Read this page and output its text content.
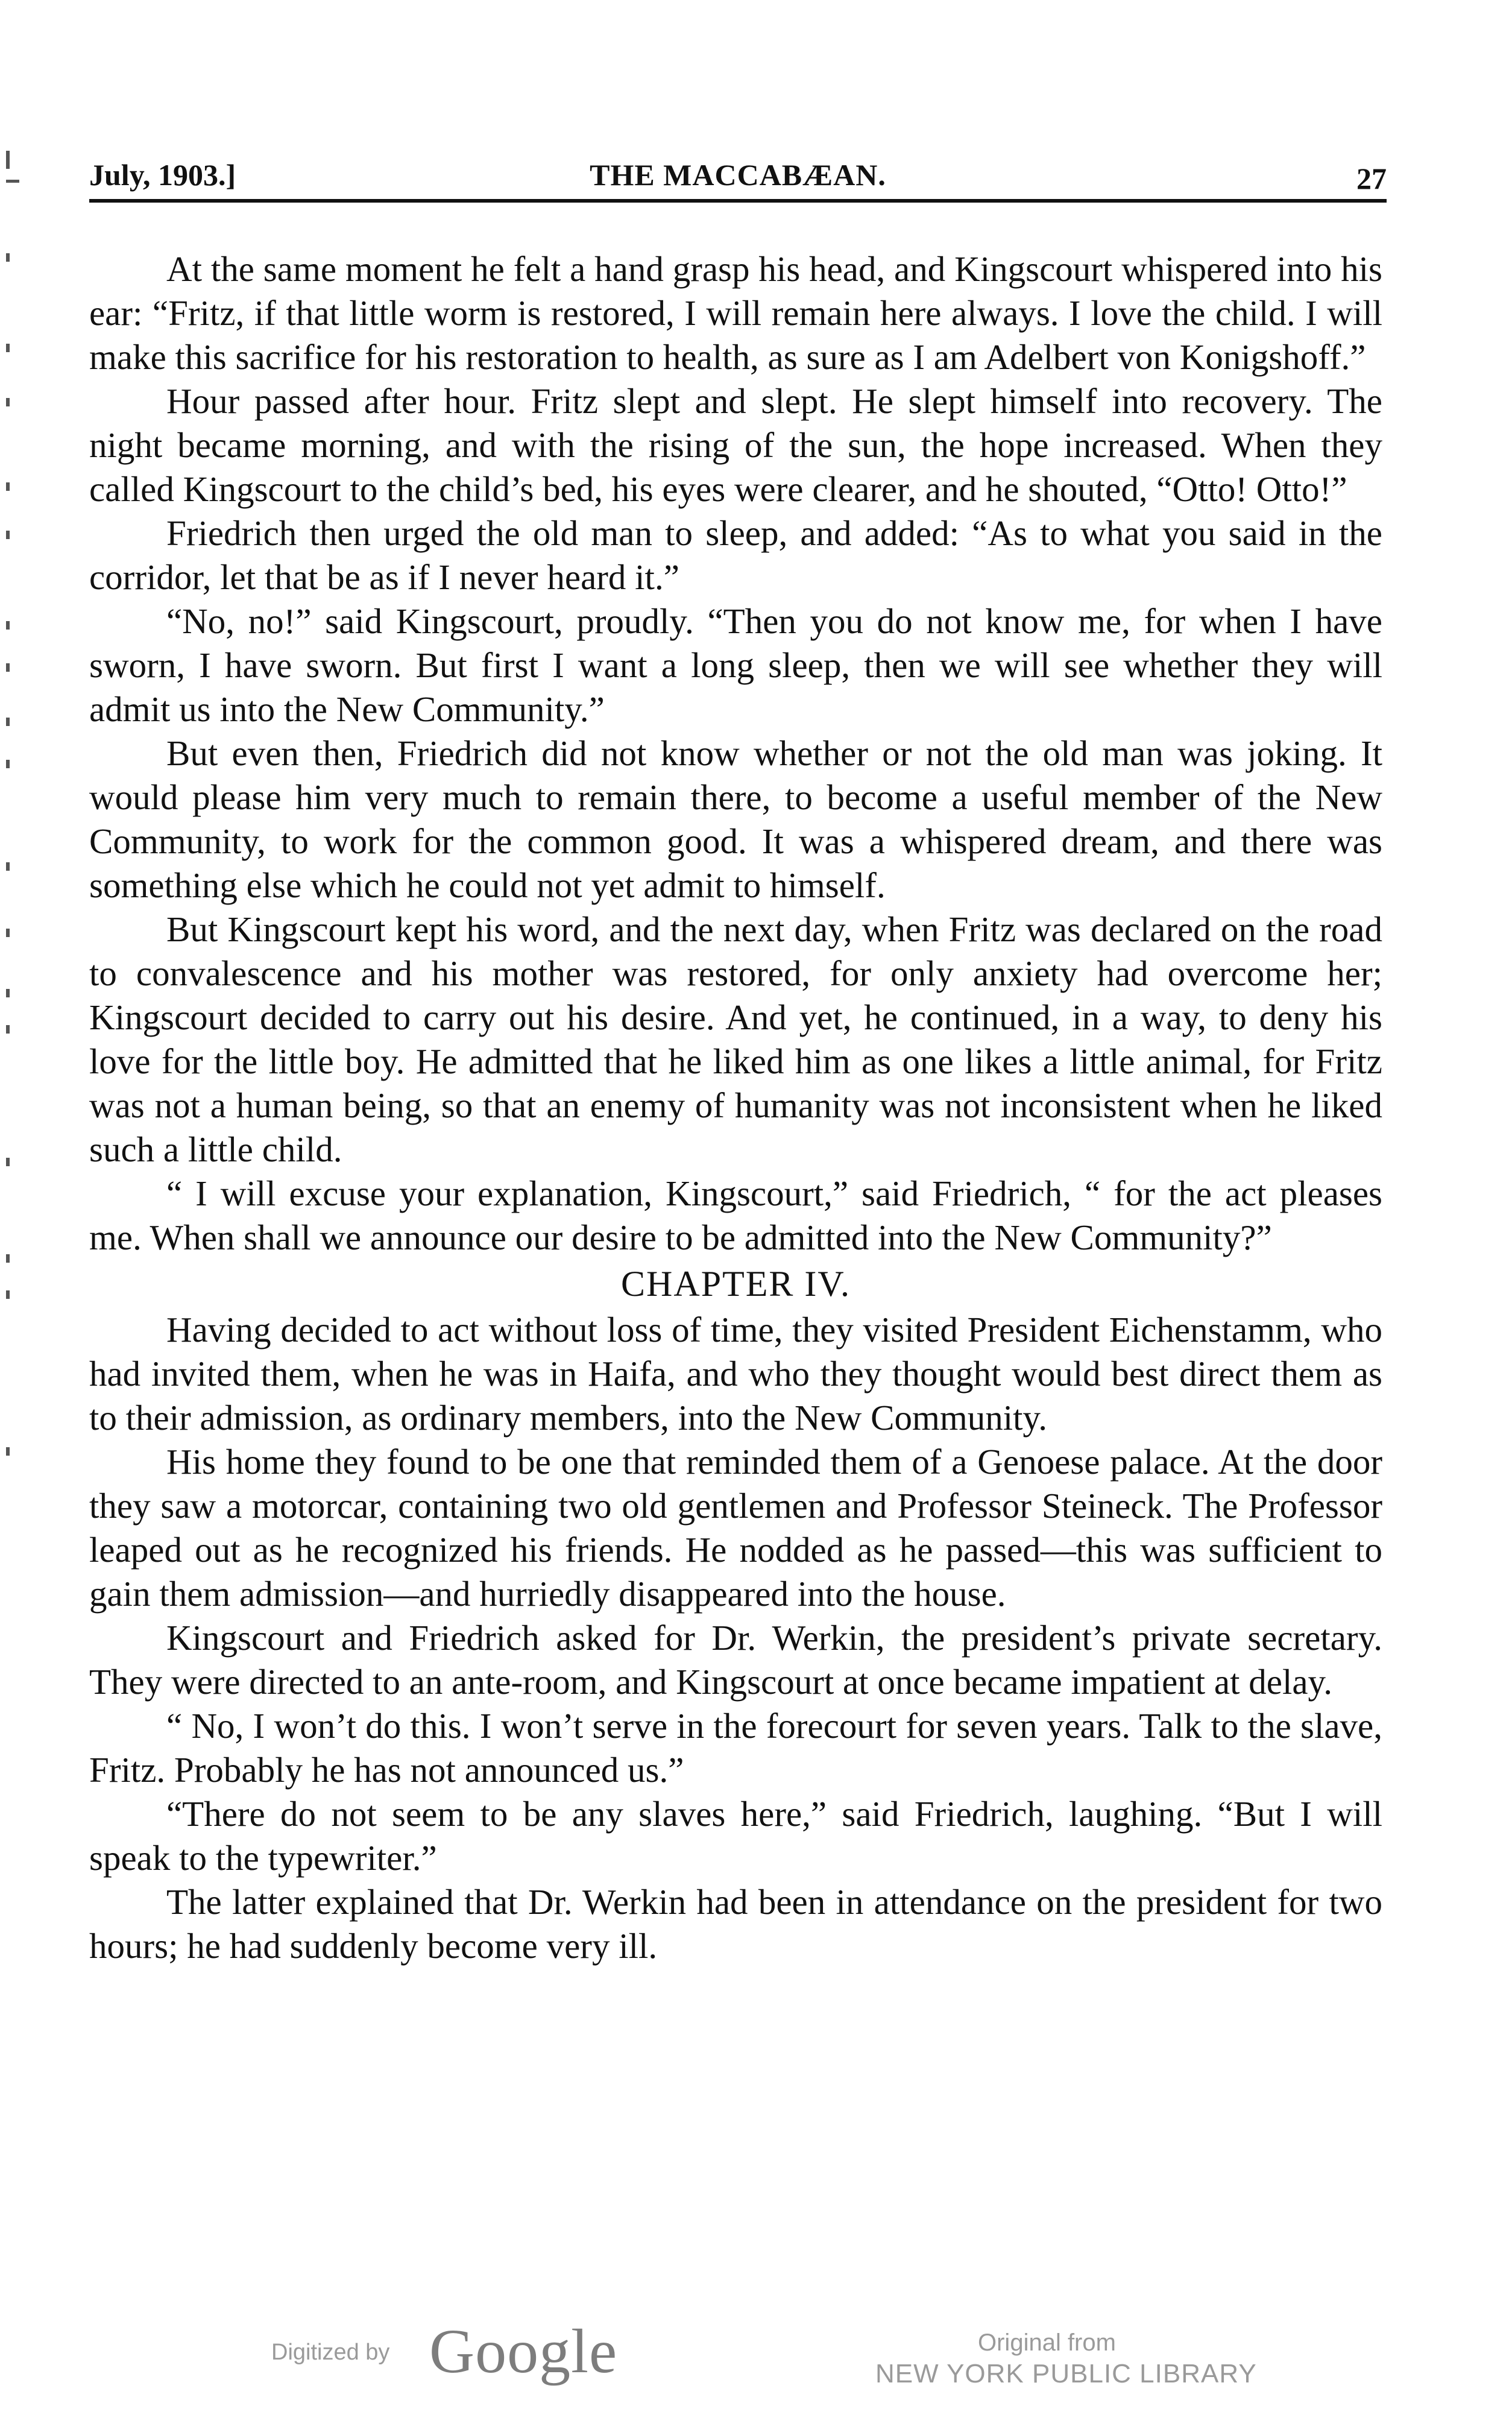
July, 1903.]	THE MACCABÆAN.	27

At the same moment he felt a hand grasp his head, and Kingscourt whispered into his ear: “Fritz, if that little worm is restored, I will remain here always. I love the child. I will make this sacrifice for his restoration to health, as sure as I am Adelbert von Konigshoff.”

Hour passed after hour. Fritz slept and slept. He slept himself into recovery. The night became morning, and with the rising of the sun, the hope increased. When they called Kingscourt to the child’s bed, his eyes were clearer, and he shouted, “Otto! Otto!”

Friedrich then urged the old man to sleep, and added: “As to what you said in the corridor, let that be as if I never heard it.”

“No, no!” said Kingscourt, proudly. “Then you do not know me, for when I have sworn, I have sworn. But first I want a long sleep, then we will see whether they will admit us into the New Community.”

But even then, Friedrich did not know whether or not the old man was joking. It would please him very much to remain there, to become a useful member of the New Community, to work for the common good. It was a whispered dream, and there was something else which he could not yet admit to himself.

But Kingscourt kept his word, and the next day, when Fritz was declared on the road to convalescence and his mother was restored, for only anxiety had overcome her; Kingscourt decided to carry out his desire. And yet, he continued, in a way, to deny his love for the little boy. He admitted that he liked him as one likes a little animal, for Fritz was not a human being, so that an enemy of humanity was not inconsistent when he liked such a little child.

“ I will excuse your explanation, Kingscourt,” said Friedrich, “ for the act pleases me. When shall we announce our desire to be admitted into the New Community?”

CHAPTER IV.

Having decided to act without loss of time, they visited President Eichenstamm, who had invited them, when he was in Haifa, and who they thought would best direct them as to their admission, as ordinary members, into the New Community.

His home they found to be one that reminded them of a Genoese palace. At the door they saw a motorcar, containing two old gentlemen and Professor Steineck. The Professor leaped out as he recognized his friends. He nodded as he passed—this was sufficient to gain them admission—and hurriedly disappeared into the house.

Kingscourt and Friedrich asked for Dr. Werkin, the president’s private secretary. They were directed to an ante-room, and Kingscourt at once became impatient at delay.

“ No, I won’t do this. I won’t serve in the forecourt for seven years. Talk to the slave, Fritz. Probably he has not announced us.”

“There do not seem to be any slaves here,” said Friedrich, laughing. “But I will speak to the typewriter.”

The latter explained that Dr. Werkin had been in attendance on the president for two hours; he had suddenly become very ill.

Digitized by Google	Original from
NEW YORK PUBLIC LIBRARY
